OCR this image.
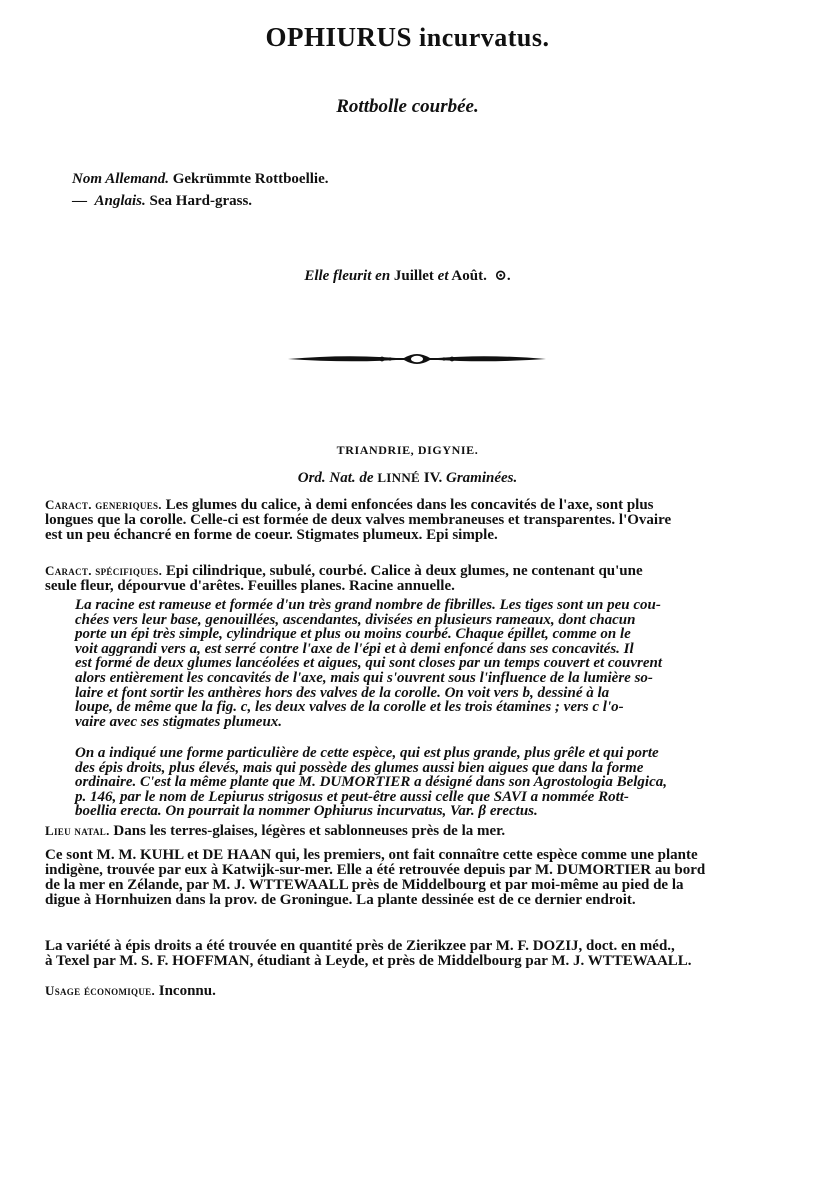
OPHIURUS incurvatus.
Rottbolle courbée.
Nom Allemand. Gekrümmte Rottboellie.
— Anglais. Sea Hard-grass.
Elle fleurit en Juillet et Août. ⊙.
TRIANDRIE, DIGYNIE.
Ord. Nat. de LINNÉ IV. Graminées.
Caract. generiques. Les glumes du calice, à demi enfoncées dans les concavités de l'axe, sont plus
longues que la corolle. Celle-ci est formée de deux valves membraneuses et transparentes. l'Ovaire
est un peu échancré en forme de coeur. Stigmates plumeux. Epi simple.
Caract. spécifiques. Epi cilindrique, subulé, courbé. Calice à deux glumes, ne contenant qu'une
seule fleur, dépourvue d'arêtes. Feuilles planes. Racine annuelle.
La racine est rameuse et formée d'un très grand nombre de fibrilles. Les tiges sont un peu cou-
chées vers leur base, genouillées, ascendantes, divisées en plusieurs rameaux, dont chacun
porte un épi très simple, cylindrique et plus ou moins courbé. Chaque épillet, comme on le
voit aggrandi vers a, est serré contre l'axe de l'épi et à demi enfoncé dans ses concavités. Il
est formé de deux glumes lancéolées et aigues, qui sont closes par un temps couvert et couvrent
alors entièrement les concavités de l'axe, mais qui s'ouvrent sous l'influence de la lumière so-
laire et font sortir les anthères hors des valves de la corolle. On voit vers b, dessiné à la
loupe, de même que la fig. c, les deux valves de la corolle et les trois étamines ; vers c l'o-
vaire avec ses stigmates plumeux.
On a indiqué une forme particulière de cette espèce, qui est plus grande, plus grêle et qui porte
des épis droits, plus élevés, mais qui possède des glumes aussi bien aigues que dans la forme
ordinaire. C'est la même plante que M. DUMORTIER a désigné dans son Agrostologia Belgica,
p. 146, par le nom de Lepiurus strigosus et peut-être aussi celle que SAVI a nommée Rott-
boellia erecta. On pourrait la nommer Ophiurus incurvatus, Var. β erectus.
Lieu natal. Dans les terres-glaises, légères et sablonneuses près de la mer.
Ce sont M. M. KUHL et DE HAAN qui, les premiers, ont fait connaître cette espèce comme une plante
indigène, trouvée par eux à Katwijk-sur-mer. Elle a été retrouvée depuis par M. DUMORTIER au bord
de la mer en Zélande, par M. J. WTTEWAALL près de Middelbourg et par moi-même au pied de la
digue à Hornhuizen dans la prov. de Groningue. La plante dessinée est de ce dernier endroit.
La variété à épis droits a été trouvée en quantité près de Zierikzee par M. F. DOZIJ, doct. en méd.,
à Texel par M. S. F. HOFFMAN, étudiant à Leyde, et près de Middelbourg par M. J. WTTEWAALL.
Usage économique. Inconnu.
